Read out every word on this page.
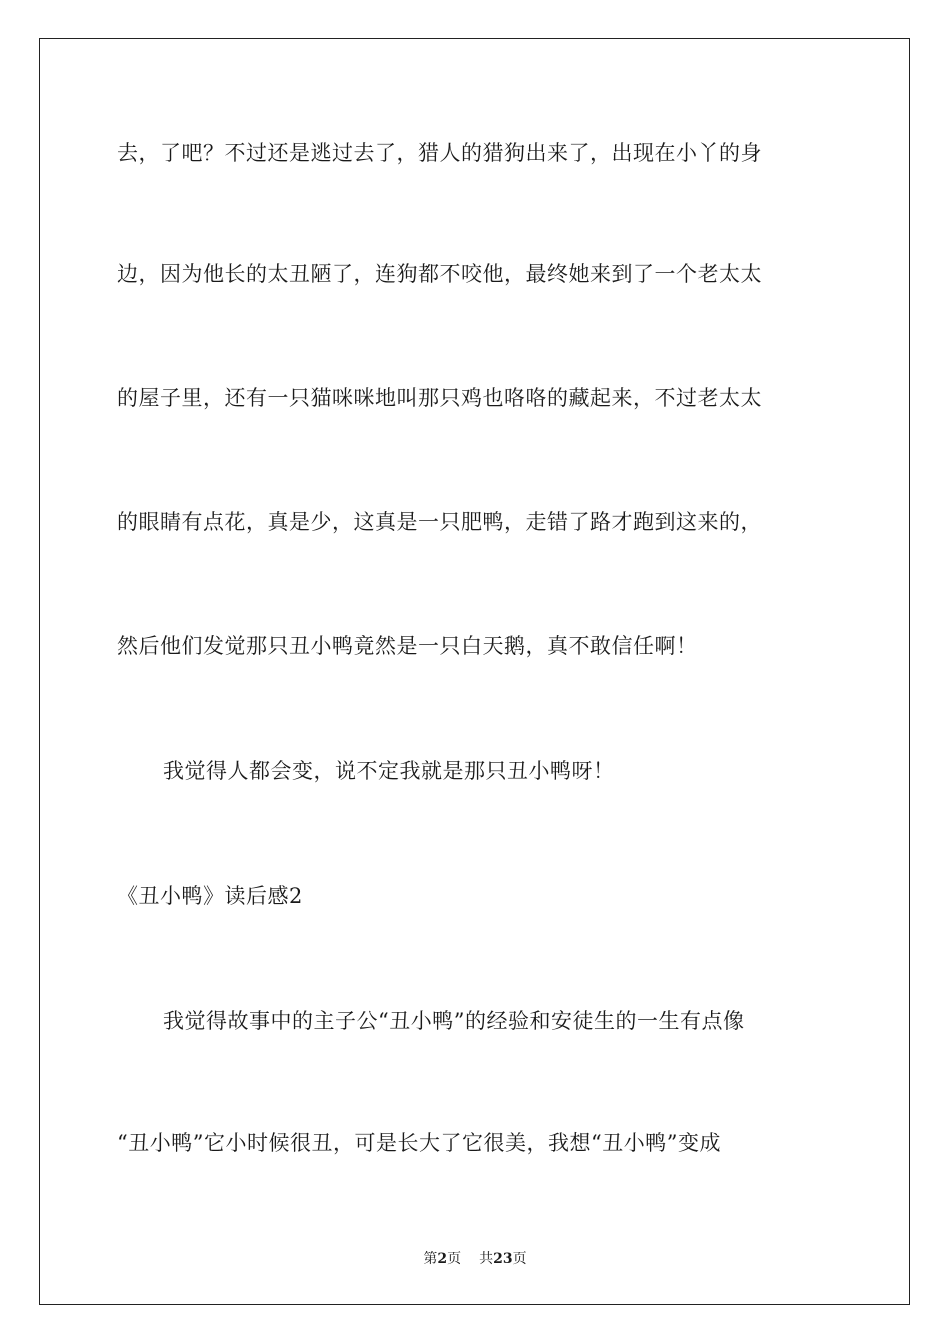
去，了吧？不过还是逃过去了，猎人的猎狗出来了，出现在小丫的身

边，因为他长的太丑陋了，连狗都不咬他，最终她来到了一个老太太

的屋子里，还有一只猫咪咪地叫那只鸡也咯咯的藏起来，不过老太太

的眼睛有点花，真是少，这真是一只肥鸭，走错了路才跑到这来的，

然后他们发觉那只丑小鸭竟然是一只白天鹅，真不敢信任啊！

我觉得人都会变，说不定我就是那只丑小鸭呀！

《丑小鸭》读后感2

我觉得故事中的主子公“丑小鸭”的经验和安徒生的一生有点像

“丑小鸭”它小时候很丑，可是长大了它很美，我想“丑小鸭”变成

第2页 共23页
